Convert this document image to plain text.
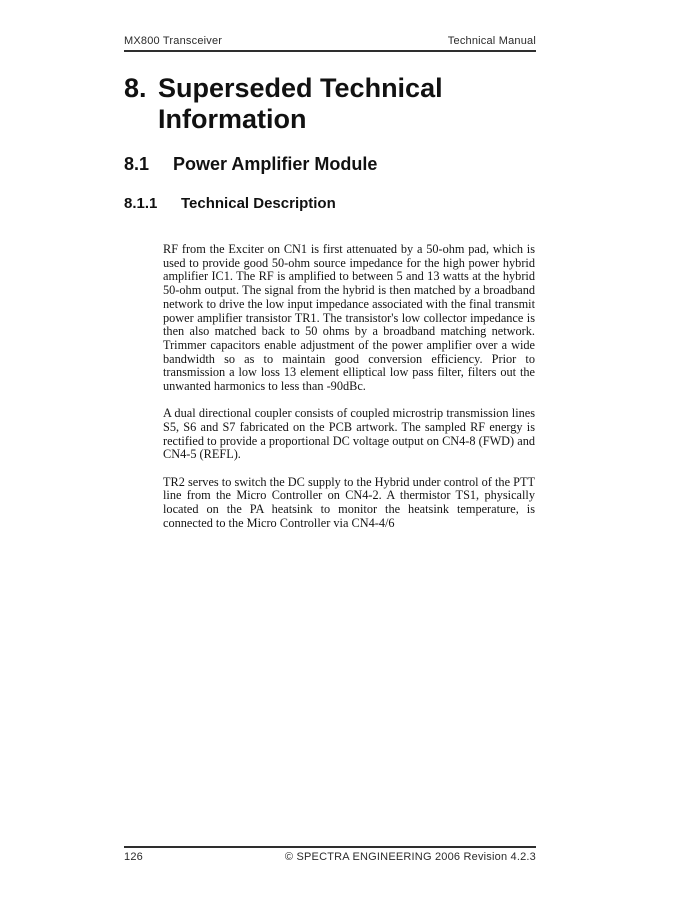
MX800 Transceiver	Technical Manual
8. Superseded Technical Information
8.1	Power Amplifier Module
8.1.1	Technical Description

RF from the Exciter on CN1 is first attenuated by a 50-ohm pad, which is used to provide good 50-ohm source impedance for the high power hybrid amplifier IC1. The RF is amplified to between 5 and 13 watts at the hybrid 50-ohm output. The signal from the hybrid is then matched by a broadband network to drive the low input impedance associated with the final transmit power amplifier transistor TR1. The transistor's low collector impedance is then also matched back to 50 ohms by a broadband matching network. Trimmer capacitors enable adjustment of the power amplifier over a wide bandwidth so as to maintain good conversion efficiency. Prior to transmission a low loss 13 element elliptical low pass filter, filters out the unwanted harmonics to less than -90dBc.

A dual directional coupler consists of coupled microstrip transmission lines S5, S6 and S7 fabricated on the PCB artwork. The sampled RF energy is rectified to provide a proportional DC voltage output on CN4-8 (FWD) and CN4-5 (REFL).

TR2 serves to switch the DC supply to the Hybrid under control of the PTT line from the Micro Controller on CN4-2. A thermistor TS1, physically located on the PA heatsink to monitor the heatsink temperature, is connected to the Micro Controller via CN4-4/6

126	© SPECTRA ENGINEERING 2006 Revision 4.2.3
